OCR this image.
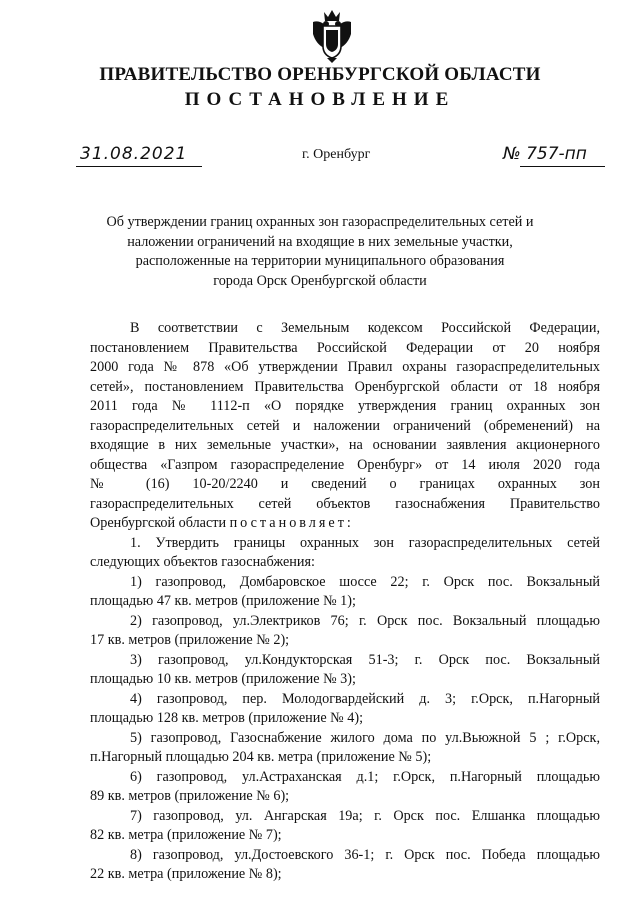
ПРАВИТЕЛЬСТВО ОРЕНБУРГСКОЙ ОБЛАСТИ
ПОСТАНОВЛЕНИЕ
31.08.2021	г. Оренбург	№ 757-пп
Об утверждении границ охранных зон газораспределительных сетей и
наложении ограничений на входящие в них земельные участки,
расположенные на территории муниципального образования
города Орск Оренбургской области
В соответствии с Земельным кодексом Российской Федерации,
постановлением Правительства Российской Федерации от 20 ноября
2000 года № 878 «Об утверждении Правил охраны газораспределительных
сетей», постановлением Правительства Оренбургской области от 18 ноября
2011 года № 1112-п «О порядке утверждения границ охранных зон
газораспределительных сетей и наложении ограничений (обременений) на
входящие в них земельные участки», на основании заявления акционерного
общества «Газпром газораспределение Оренбург» от 14 июля 2020 года
№ (16) 10-20/2240 и сведений о границах охранных зон
газораспределительных сетей объектов газоснабжения Правительство
Оренбургской области постановляет:
1. Утвердить границы охранных зон газораспределительных сетей
следующих объектов газоснабжения:
1) газопровод, Домбаровское шоссе 22; г. Орск пос. Вокзальный
площадью 47 кв. метров (приложение № 1);
2) газопровод, ул.Электриков 76; г. Орск пос. Вокзальный площадью
17 кв. метров (приложение № 2);
3) газопровод, ул.Кондукторская 51-3; г. Орск пос. Вокзальный
площадью 10 кв. метров (приложение № 3);
4) газопровод, пер. Молодогвардейский д. 3; г.Орск, п.Нагорный
площадью 128 кв. метров (приложение № 4);
5) газопровод, Газоснабжение жилого дома по ул.Вьюжной 5 ; г.Орск,
п.Нагорный площадью 204 кв. метра (приложение № 5);
6) газопровод, ул.Астраханская д.1; г.Орск, п.Нагорный площадью
89 кв. метров (приложение № 6);
7) газопровод, ул. Ангарская 19а; г. Орск пос. Елшанка площадью
82 кв. метра (приложение № 7);
8) газопровод, ул.Достоевского 36-1; г. Орск пос. Победа площадью
22 кв. метра (приложение № 8);
